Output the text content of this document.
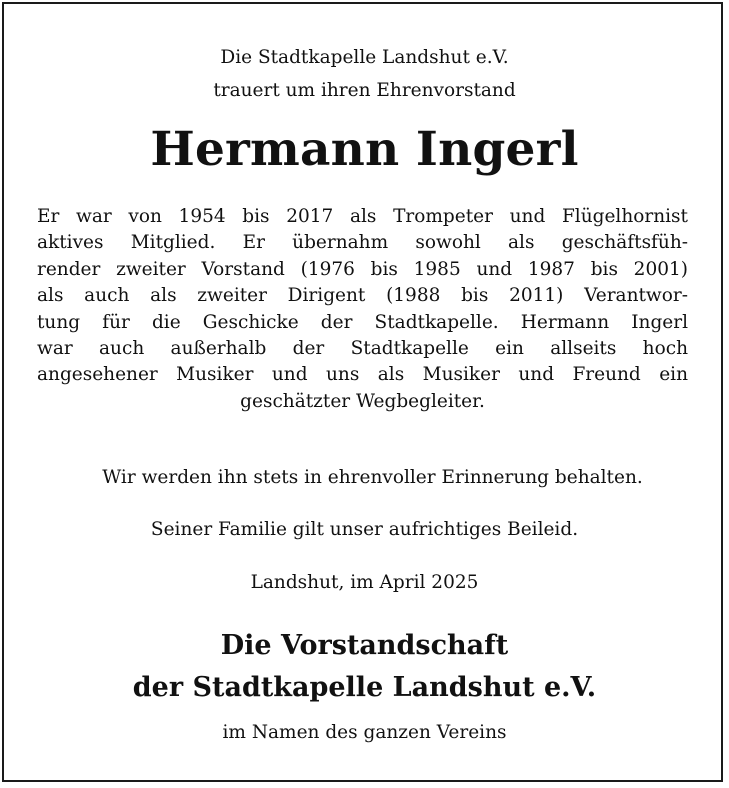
Die Stadtkapelle Landshut e.V.
trauert um ihren Ehrenvorstand
Hermann Ingerl
Er war von 1954 bis 2017 als Trompeter und Flügelhornist
aktives Mitglied. Er übernahm sowohl als geschäftsfüh-
render zweiter Vorstand (1976 bis 1985 und 1987 bis 2001)
als auch als zweiter Dirigent (1988 bis 2011) Verantwor-
tung für die Geschicke der Stadtkapelle. Hermann Ingerl
war auch außerhalb der Stadtkapelle ein allseits hoch
angesehener Musiker und uns als Musiker und Freund ein
geschätzter Wegbegleiter.
Wir werden ihn stets in ehrenvoller Erinnerung behalten.
Seiner Familie gilt unser aufrichtiges Beileid.
Landshut, im April 2025
Die Vorstandschaft
der Stadtkapelle Landshut e.V.
im Namen des ganzen Vereins
